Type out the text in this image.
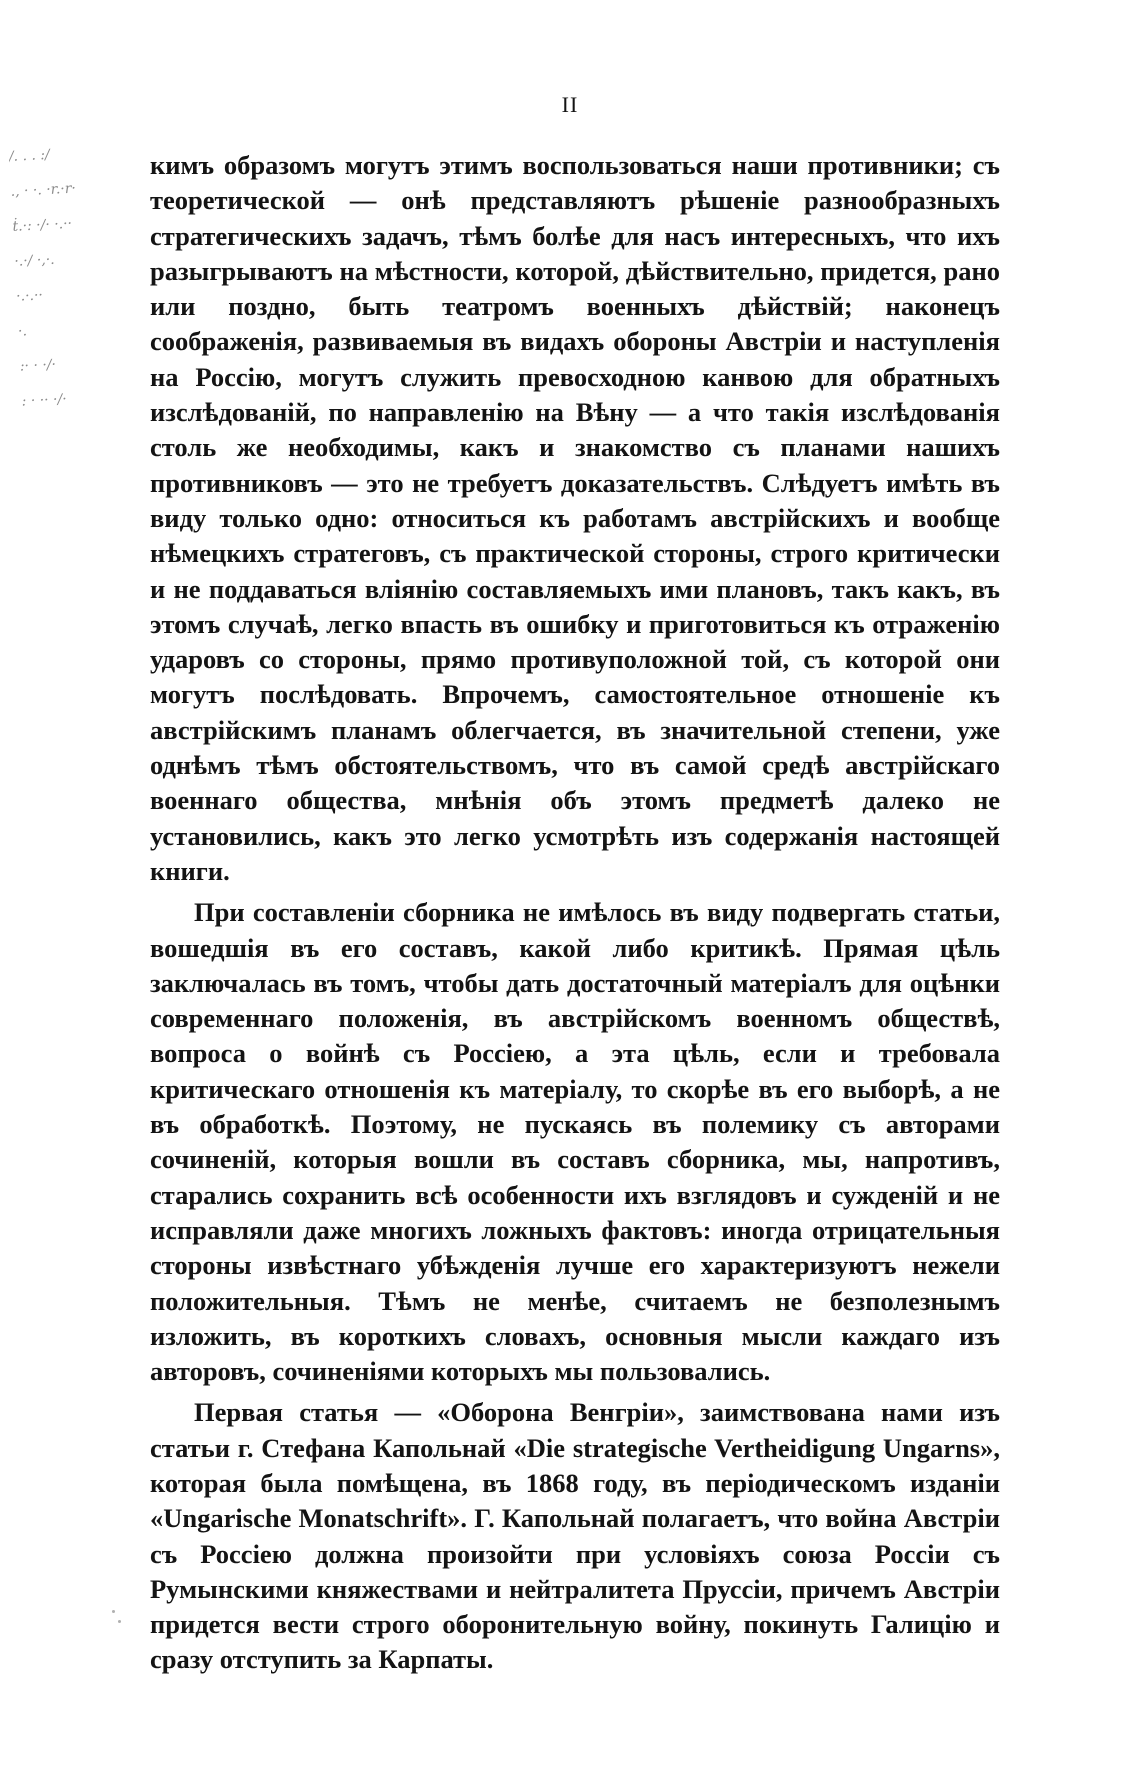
II
/. . . :/
., · ·. ·r.·r·
ṫ.·: ·/· ·.··
·.·/ ·,·.
·.·.··
·.
:· · ·/·
: · ·· ·/·

кимъ образомъ могутъ этимъ воспользоваться наши противники; съ теоретической — онѣ представляютъ рѣшеніе разнообразныхъ стратегическихъ задачъ, тѣмъ болѣе для насъ интересныхъ, что ихъ разыгрываютъ на мѣстности, которой, дѣйствительно, придется, рано или поздно, быть театромъ военныхъ дѣйствій; наконецъ соображенія, развиваемыя въ видахъ обороны Австріи и наступленія на Россію, могутъ служить превосходною канвою для обратныхъ изслѣдованій, по направленію на Вѣну — а что такія изслѣдованія столь же необходимы, какъ и знакомство съ планами нашихъ противниковъ — это не требуетъ доказательствъ. Слѣдуетъ имѣть въ виду только одно: относиться къ работамъ австрійскихъ и вообще нѣмецкихъ стратеговъ, съ практической стороны, строго критически и не поддаваться вліянію составляемыхъ ими плановъ, такъ какъ, въ этомъ случаѣ, легко впасть въ ошибку и приготовиться къ отраженію ударовъ со стороны, прямо противуположной той, съ которой они могутъ послѣдовать. Впрочемъ, самостоятельное отношеніе къ австрійскимъ планамъ облегчается, въ значительной степени, уже однѣмъ тѣмъ обстоятельствомъ, что въ самой средѣ австрійскаго военнаго общества, мнѣнія объ этомъ предметѣ далеко не установились, какъ это легко усмотрѣть изъ содержанія настоящей книги.

При составленіи сборника не имѣлось въ виду подвергать статьи, вошедшія въ его составъ, какой либо критикѣ. Прямая цѣль заключалась въ томъ, чтобы дать достаточный матеріалъ для оцѣнки современнаго положенія, въ австрійскомъ военномъ обществѣ, вопроса о войнѣ съ Россіею, а эта цѣль, если и требовала критическаго отношенія къ матеріалу, то скорѣе въ его выборѣ, а не въ обработкѣ. Поэтому, не пускаясь въ полемику съ авторами сочиненій, которыя вошли въ составъ сборника, мы, напротивъ, старались сохранить всѣ особенности ихъ взглядовъ и сужденій и не исправляли даже многихъ ложныхъ фактовъ: иногда отрицательныя стороны извѣстнаго убѣжденія лучше его характеризуютъ нежели положительныя. Тѣмъ не менѣе, считаемъ не безполезнымъ изложить, въ короткихъ словахъ, основныя мысли каждаго изъ авторовъ, сочиненіями которыхъ мы пользовались.

Первая статья — «Оборона Венгріи», заимствована нами изъ статьи г. Стефана Капольнай «Die strategische Vertheidigung Ungarns», которая была помѣщена, въ 1868 году, въ періодическомъ изданіи «Ungarische Monatschrift». Г. Капольнай полагаетъ, что война Австріи съ Россіею должна произойти при условіяхъ союза Россіи съ Румынскими княжествами и нейтралитета Пруссіи, причемъ Австріи придется вести строго оборонительную войну, покинуть Галицію и сразу отступить за Карпаты.
